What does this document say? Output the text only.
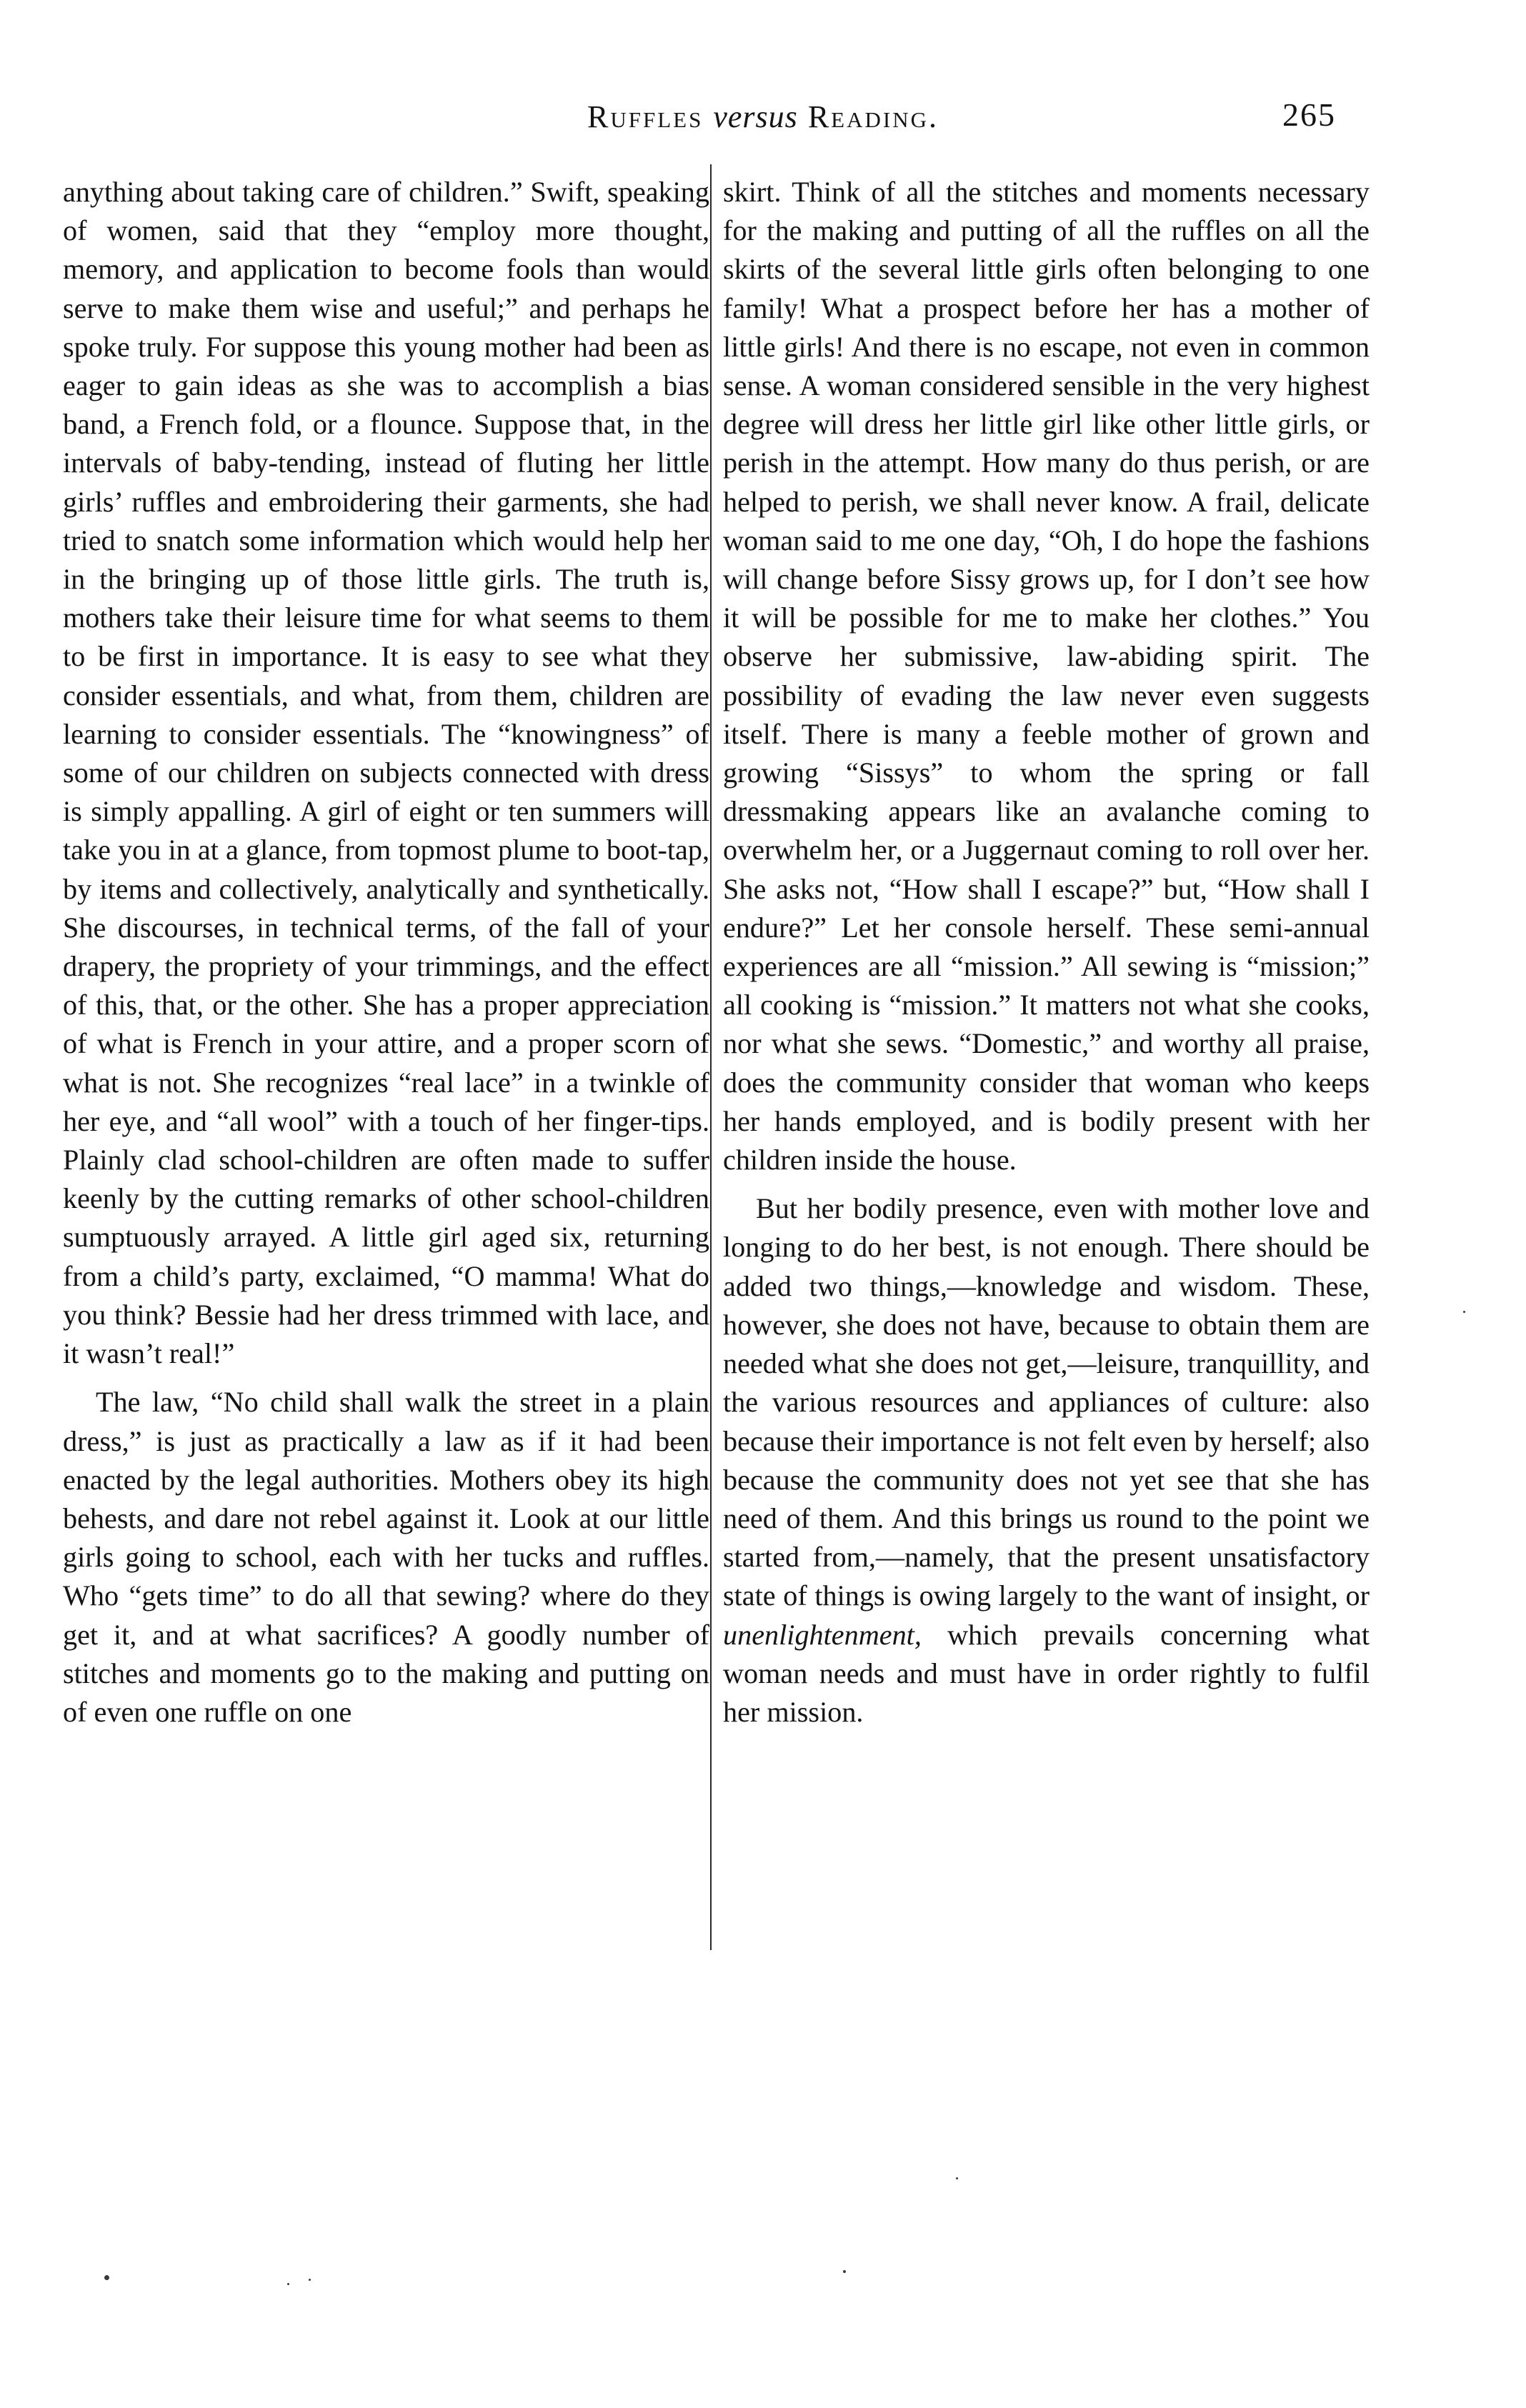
Ruffles versus Reading.	265

anything about taking care of children.” Swift, speaking of women, said that they “employ more thought, memory, and application to become fools than would serve to make them wise and useful;” and perhaps he spoke truly. For suppose this young mother had been as eager to gain ideas as she was to accomplish a bias band, a French fold, or a flounce. Suppose that, in the intervals of baby-tending, instead of fluting her little girls’ ruffles and embroidering their garments, she had tried to snatch some information which would help her in the bringing up of those little girls. The truth is, mothers take their leisure time for what seems to them to be first in importance. It is easy to see what they consider essentials, and what, from them, children are learning to consider essentials. The “knowingness” of some of our children on subjects connected with dress is simply appalling. A girl of eight or ten summers will take you in at a glance, from topmost plume to boot-tap, by items and collectively, analytically and synthetically. She discourses, in technical terms, of the fall of your drapery, the propriety of your trimmings, and the effect of this, that, or the other. She has a proper appreciation of what is French in your attire, and a proper scorn of what is not. She recognizes “real lace” in a twinkle of her eye, and “all wool” with a touch of her finger-tips. Plainly clad school-children are often made to suffer keenly by the cutting remarks of other school-children sumptuously arrayed. A little girl aged six, returning from a child’s party, exclaimed, “O mamma! What do you think? Bessie had her dress trimmed with lace, and it wasn’t real!”

The law, “No child shall walk the street in a plain dress,” is just as practically a law as if it had been enacted by the legal authorities. Mothers obey its high behests, and dare not rebel against it. Look at our little girls going to school, each with her tucks and ruffles. Who “gets time” to do all that sewing? where do they get it, and at what sacrifices? A goodly number of stitches and moments go to the making and putting on of even one ruffle on one

skirt. Think of all the stitches and moments necessary for the making and putting of all the ruffles on all the skirts of the several little girls often belonging to one family! What a prospect before her has a mother of little girls! And there is no escape, not even in common sense. A woman considered sensible in the very highest degree will dress her little girl like other little girls, or perish in the attempt. How many do thus perish, or are helped to perish, we shall never know. A frail, delicate woman said to me one day, “Oh, I do hope the fashions will change before Sissy grows up, for I don’t see how it will be possible for me to make her clothes.” You observe her submissive, law-abiding spirit. The possibility of evading the law never even suggests itself. There is many a feeble mother of grown and growing “Sissys” to whom the spring or fall dressmaking appears like an avalanche coming to overwhelm her, or a Juggernaut coming to roll over her. She asks not, “How shall I escape?” but, “How shall I endure?” Let her console herself. These semi-annual experiences are all “mission.” All sewing is “mission;” all cooking is “mission.” It matters not what she cooks, nor what she sews. “Domestic,” and worthy all praise, does the community consider that woman who keeps her hands employed, and is bodily present with her children inside the house.

But her bodily presence, even with mother love and longing to do her best, is not enough. There should be added two things,—knowledge and wisdom. These, however, she does not have, because to obtain them are needed what she does not get,—leisure, tranquillity, and the various resources and appliances of culture: also because their importance is not felt even by herself; also because the community does not yet see that she has need of them. And this brings us round to the point we started from,—namely, that the present unsatisfactory state of things is owing largely to the want of insight, or unenlightenment, which prevails concerning what woman needs and must have in order rightly to fulfil her mission.
